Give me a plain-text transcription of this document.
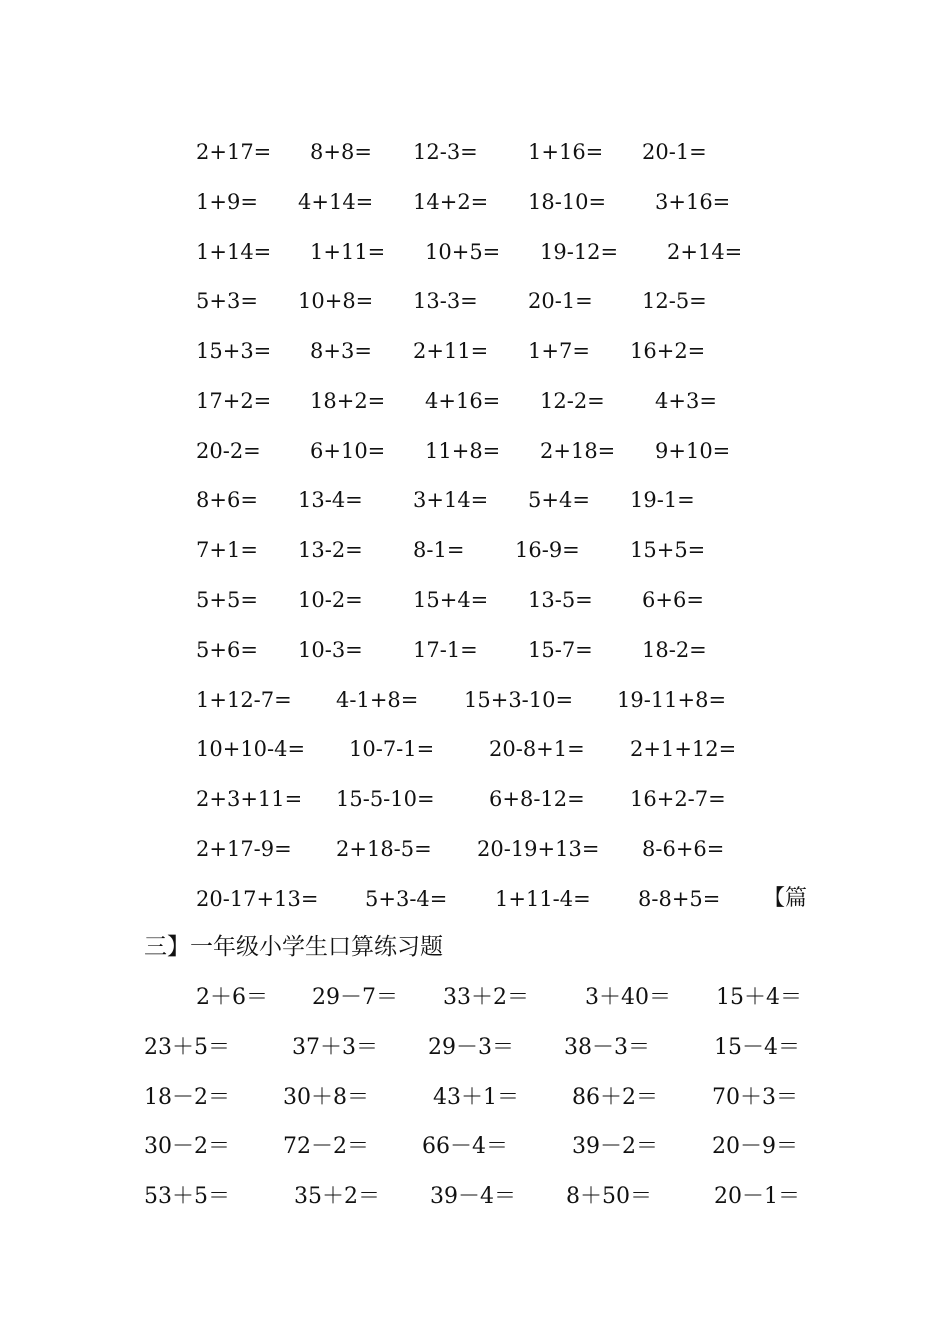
2+17= 8+8= 12-3= 1+16= 20-1=
1+9= 4+14= 14+2= 18-10= 3+16=
1+14= 1+11= 10+5= 19-12= 2+14=
5+3= 10+8= 13-3= 20-1= 12-5=
15+3= 8+3= 2+11= 1+7= 16+2=
17+2= 18+2= 4+16= 12-2= 4+3=
20-2= 6+10= 11+8= 2+18= 9+10=
8+6= 13-4= 3+14= 5+4= 19-1=
7+1= 13-2= 8-1= 16-9= 15+5=
5+5= 10-2= 15+4= 13-5= 6+6=
5+6= 10-3= 17-1= 15-7= 18-2=
1+12-7= 4-1+8= 15+3-10= 19-11+8=
10+10-4= 10-7-1=	20-8+1= 2+1+12=
2+3+11= 15-5-10=	6+8-12= 16+2-7=
2+17-9= 2+18-5= 20-19+13= 8-6+6=
20-17+13= 5+3-4= 1+11-4= 8-8+5= 【篇
三】一年级小学生口算练习题
2＋6＝ 29－7＝ 33＋2＝	3＋40＝ 15＋4＝
23＋5＝	37＋3＝ 29－3＝ 38－3＝	15－4＝
18－2＝ 30＋8＝	43＋1＝ 86＋2＝ 70＋3＝
30－2＝ 72－2＝ 66－4＝	39－2＝ 20－9＝
53＋5＝	35＋2＝ 39－4＝ 8＋50＝	20－1＝
